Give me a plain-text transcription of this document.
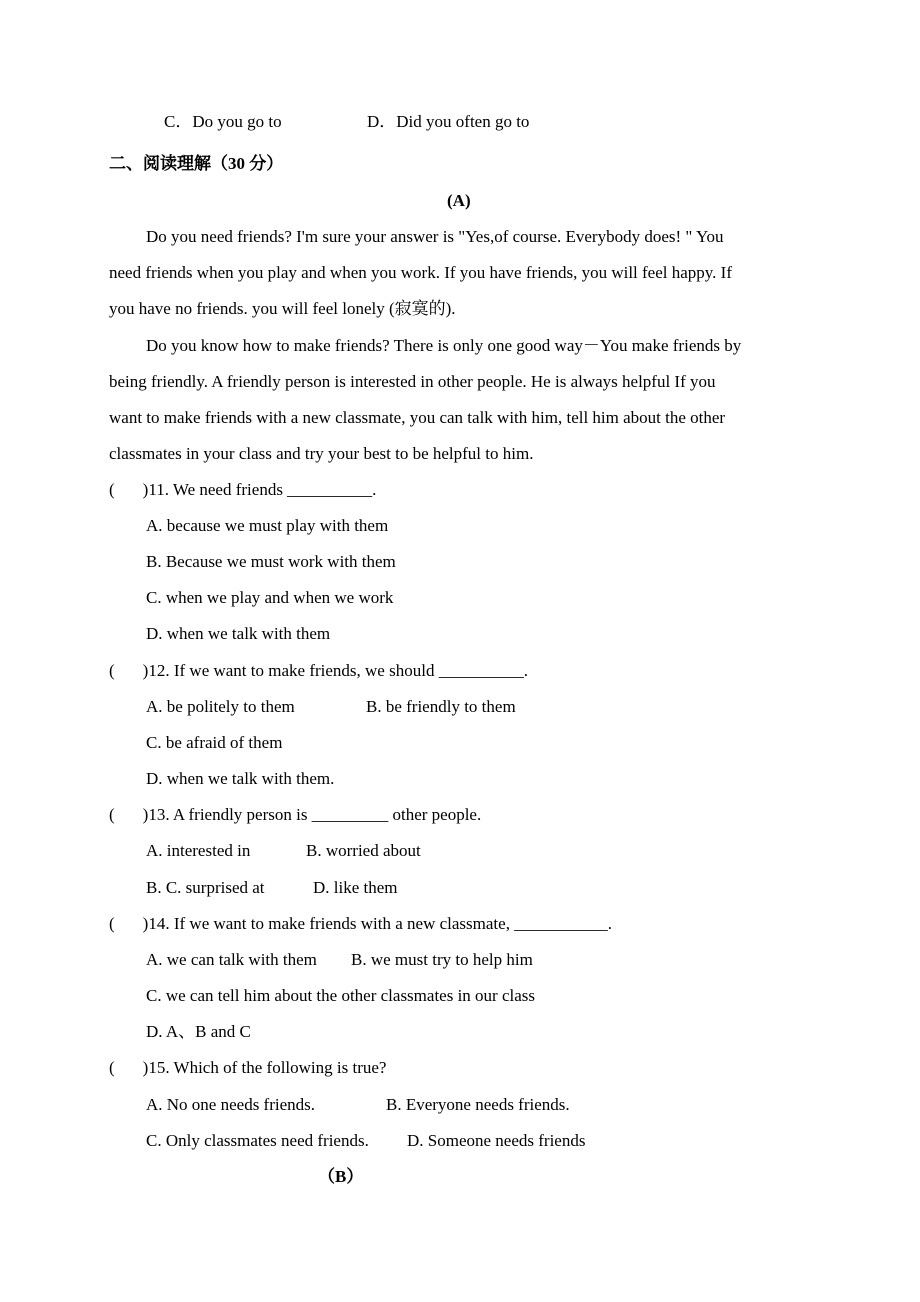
C．Do you go to	D．Did you often go to
二、阅读理解（30 分）
(A)
Do you need friends? I'm sure your answer is "Yes,of course. Everybody does! " You
need friends when you play and when you work. If you have friends, you will feel happy. If
you have no friends. you will feel lonely (寂寞的).
Do you know how to make friends? There is only one good way－You make friends by
being friendly. A friendly person is interested in other people. He is always helpful If you
want to make friends with a new classmate, you can talk with him, tell him about the other
classmates in your class and try your best to be helpful to him.
( )11. We need friends __________.
A. because we must play with them
B. Because we must work with them
C. when we play and when we work
D. when we talk with them
( )12. If we want to make friends, we should __________.
A. be politely to them	B. be friendly to them
C. be afraid of them
D. when we talk with them.
( )13. A friendly person is _________ other people.
A. interested in	B. worried about
B. C. surprised at	D. like them
( )14. If we want to make friends with a new classmate, ___________.
A. we can talk with them B. we must try to help him
C. we can tell him about the other classmates in our class
D. A、B and C
( )15. Which of the following is true?
A. No one needs friends.	B. Everyone needs friends.
C. Only classmates need friends. D. Someone needs friends
（B）
